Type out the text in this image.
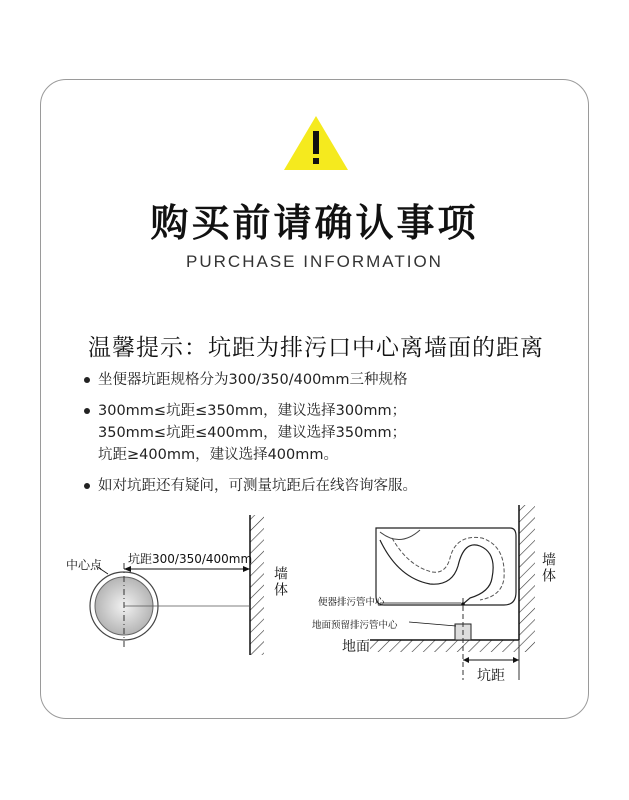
购买前请确认事项
PURCHASE INFORMATION
温馨提示：坑距为排污口中心离墙面的距离
坐便器坑距规格分为300/350/400mm三种规格
300mm≤坑距≤350mm，建议选择300mm；
350mm≤坑距≤400mm，建议选择350mm；
坑距≥400mm，建议选择400mm。
如对坑距还有疑问，可测量坑距后在线咨询客服。
中心点 坑距300/350/400mm
墙体	墙体
便器排污管中心
地面预留排污管中心
地面
坑距
